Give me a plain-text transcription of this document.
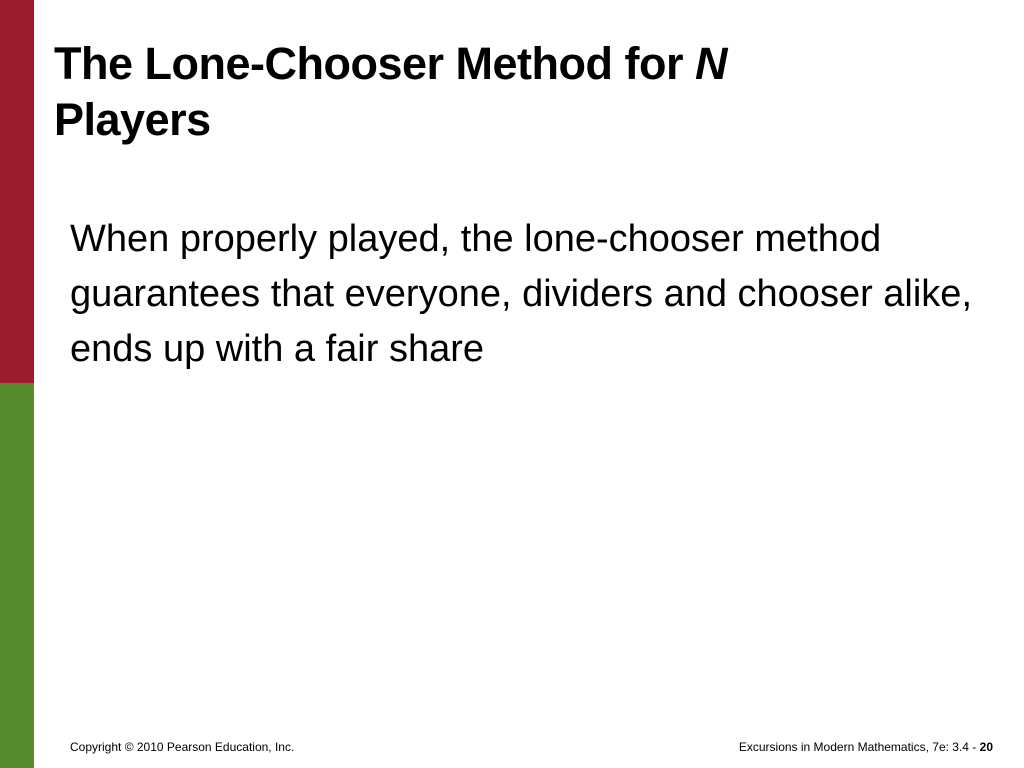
The Lone-Chooser Method for N
Players

When properly played, the lone-chooser method guarantees that everyone, dividers and chooser alike, ends up with a fair share

Copyright © 2010 Pearson Education, Inc.	Excursions in Modern Mathematics, 7e: 3.4 - 20
